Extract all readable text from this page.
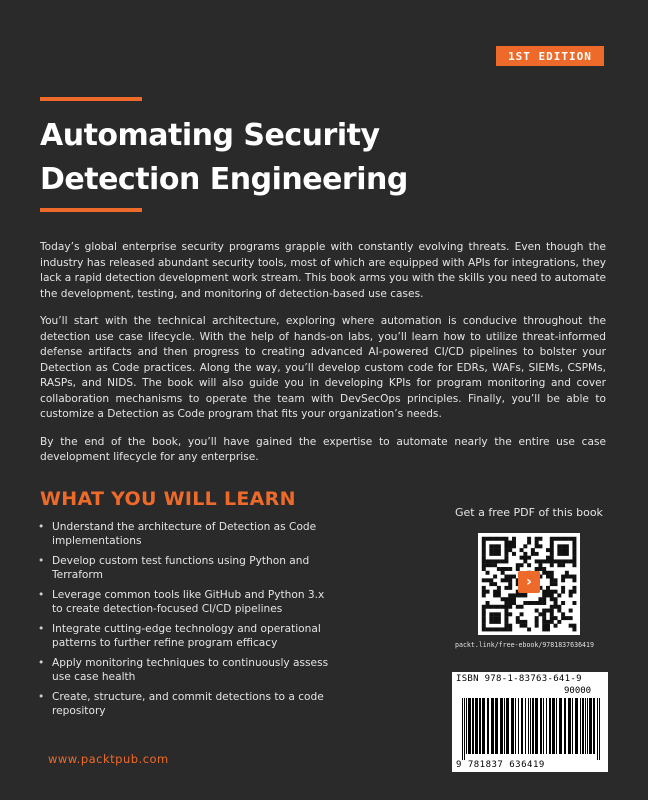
1ST EDITION
Automating Security
Detection Engineering

Today’s global enterprise security programs grapple with constantly evolving threats. Even though the industry has released abundant security tools, most of which are equipped with APIs for integrations, they lack a rapid detection development work stream. This book arms you with the skills you need to automate the development, testing, and monitoring of detection-based use cases.

You’ll start with the technical architecture, exploring where automation is conducive throughout the detection use case lifecycle. With the help of hands-on labs, you’ll learn how to utilize threat-informed defense artifacts and then progress to creating advanced AI-powered CI/CD pipelines to bolster your Detection as Code practices. Along the way, you’ll develop custom code for EDRs, WAFs, SIEMs, CSPMs, RASPs, and NIDS. The book will also guide you in developing KPIs for program monitoring and cover collaboration mechanisms to operate the team with DevSecOps principles. Finally, you’ll be able to customize a Detection as Code program that fits your organization’s needs.

By the end of the book, you’ll have gained the expertise to automate nearly the entire use case development lifecycle for any enterprise.

WHAT YOU WILL LEARN
• Understand the architecture of Detection as Code implementations
• Develop custom test functions using Python and Terraform
• Leverage common tools like GitHub and Python 3.x to create detection-focused CI/CD pipelines
• Integrate cutting-edge technology and operational patterns to further refine program efficacy
• Apply monitoring techniques to continuously assess use case health
• Create, structure, and commit detections to a code repository
www.packtpub.com
Get a free PDF of this book
›
packt.link/free-ebook/9781837636419
ISBN 978-1-83763-641-9
90000
9 781837 636419
